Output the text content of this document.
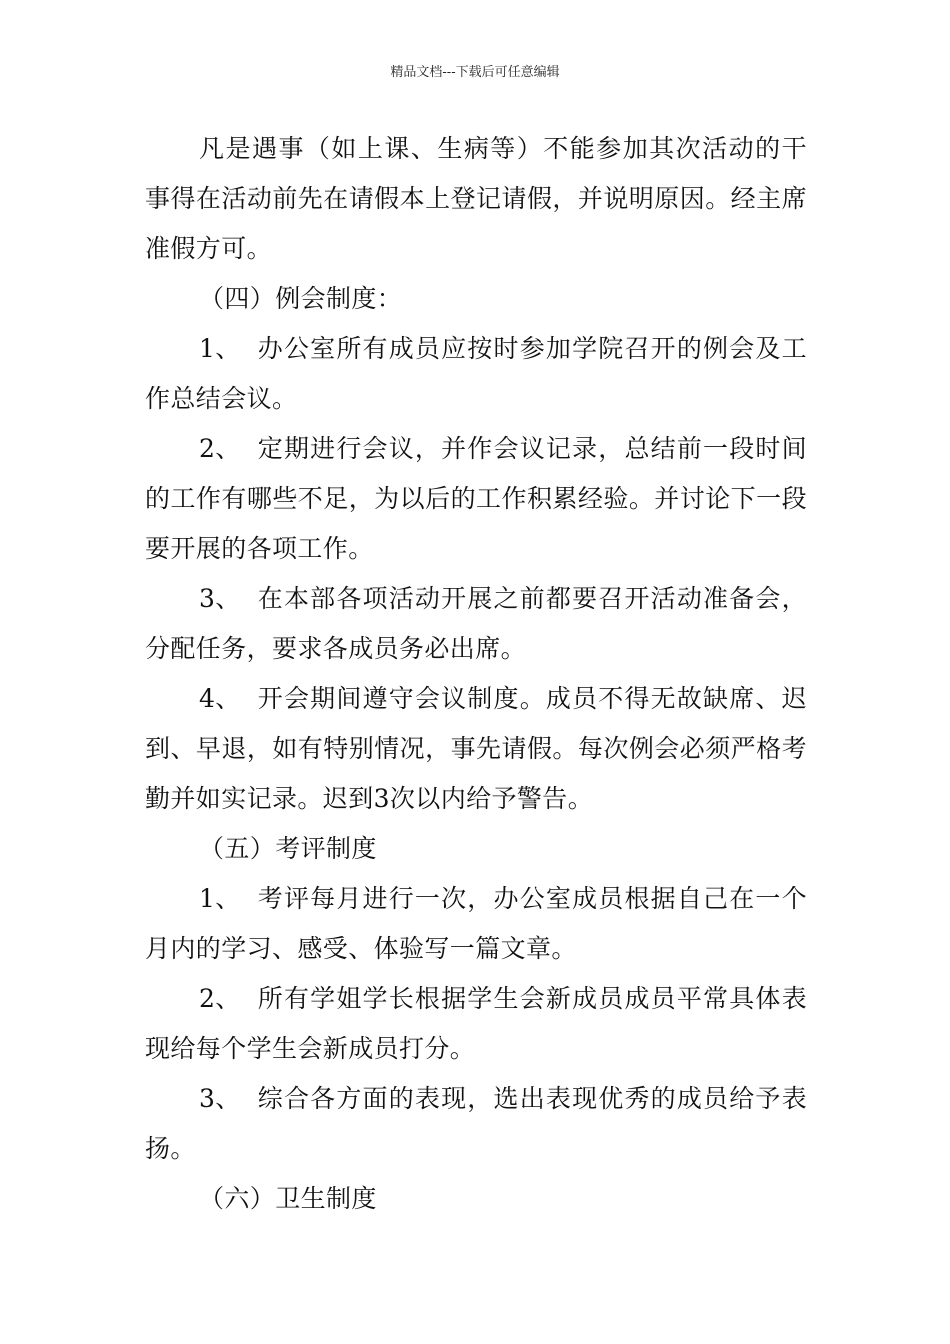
精品文档---下载后可任意编辑

凡是遇事（如上课、生病等）不能参加其次活动的干事得在活动前先在请假本上登记请假，并说明原因。经主席准假方可。

（四）例会制度：

1、 办公室所有成员应按时参加学院召开的例会及工作总结会议。

2、 定期进行会议，并作会议记录，总结前一段时间的工作有哪些不足，为以后的工作积累经验。并讨论下一段要开展的各项工作。

3、 在本部各项活动开展之前都要召开活动准备会，分配任务，要求各成员务必出席。

4、 开会期间遵守会议制度。成员不得无故缺席、迟到、早退，如有特别情况，事先请假。每次例会必须严格考勤并如实记录。迟到3次以内给予警告。

（五）考评制度

1、 考评每月进行一次，办公室成员根据自己在一个月内的学习、感受、体验写一篇文章。

2、 所有学姐学长根据学生会新成员成员平常具体表现给每个学生会新成员打分。

3、 综合各方面的表现，选出表现优秀的成员给予表扬。

（六）卫生制度
